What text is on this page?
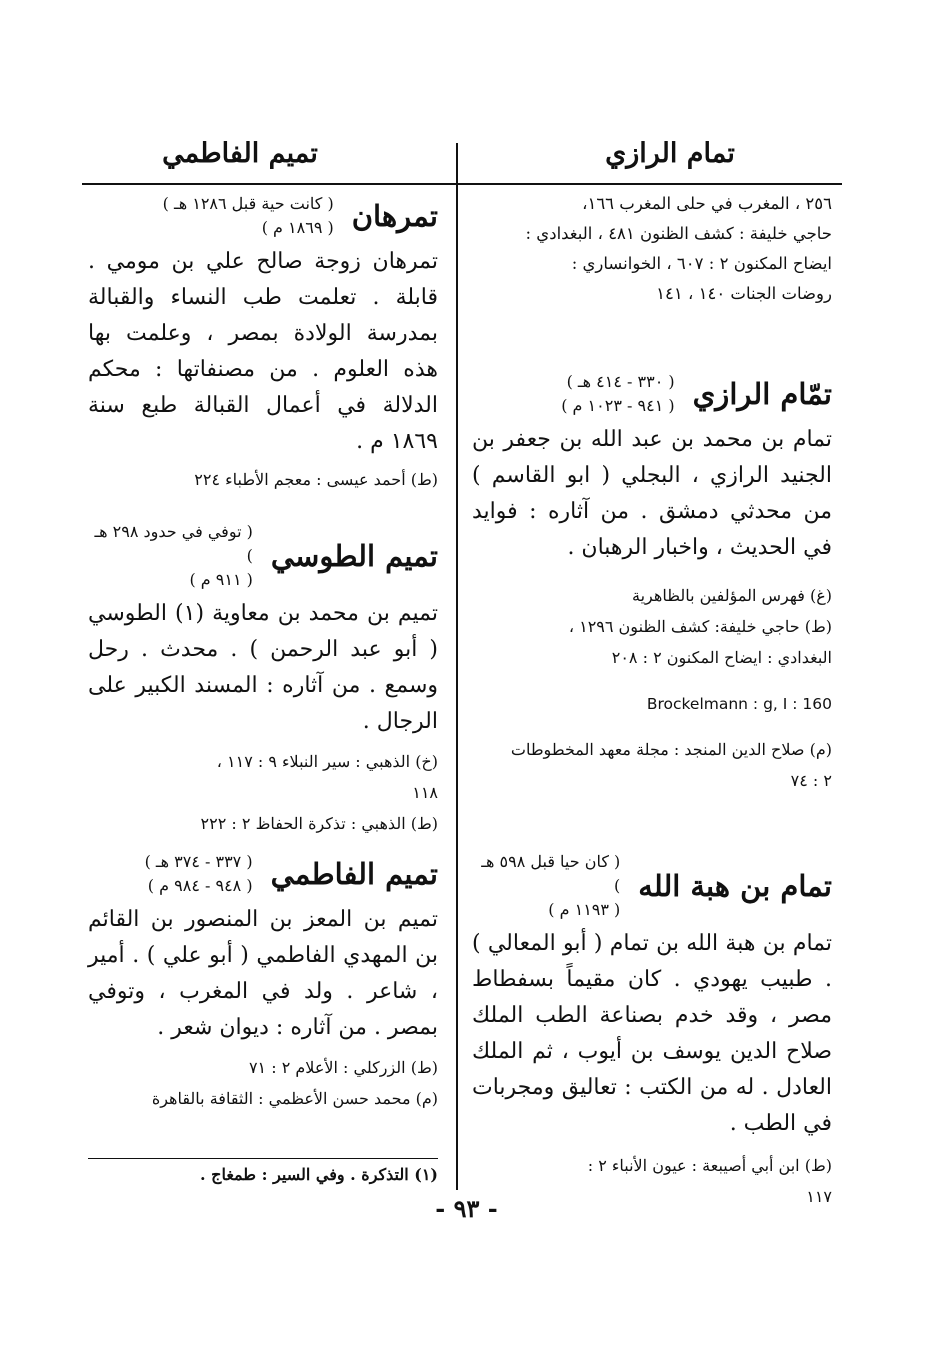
تمام الرازي
تميم الفاطمي

٢٥٦ ، المغرب في حلى المغرب ١٦٦،

حاجي خليفة : كشف الظنون ٤٨١ ، البغدادي :

ايضاح المكنون ٢ : ٦٠٧ ، الخوانساري :

روضات الجنات ١٤٠ ، ١٤١

تمّام الرازي
( ٣٣٠ - ٤١٤ هـ )
( ٩٤١ - ١٠٢٣ م )

تمام بن محمد بن عبد الله بن جعفر بن الجنيد الرازي ، البجلي ( ابو القاسم ) من محدثي دمشق . من آثاره : فوايد في الحديث ، واخبار الرهبان .

(غ) فهرس المؤلفين بالظاهرية

(ط) حاجي خليفة: كشف الظنون ١٢٩٦ ،

البغدادي : ايضاح المكنون ٢ : ٢٠٨

Brockelmann : g, I : 160

(م) صلاح الدين المنجد : مجلة معهد المخطوطات

٢ : ٧٤

تمام بن هبة الله
( كان حيا قبل ٥٩٨ هـ )
( ١١٩٣ م )

تمام بن هبة الله بن تمام ( أبو المعالي ) . طبيب يهودي . كان مقيماً بسفطاط مصر ، وقد خدم بصناعة الطب الملك صلاح الدين يوسف بن أيوب ، ثم الملك العادل . له من الكتب : تعاليق ومجربات في الطب .

(ط) ابن أبي أصيبعة : عيون الأنباء ٢ :

١١٧

تمرهان
( كانت حية قبل ١٢٨٦ هـ )
( ١٨٦٩ م )

تمرهان زوجة صالح علي بن مومي . قابلة . تعلمت طب النساء والقبالة بمدرسة الولادة بمصر ، وعلمت بها هذه العلوم . من مصنفاتها : محكم الدلالة في أعمال القبالة طبع سنة ١٨٦٩ م .

(ط) أحمد عيسى : معجم الأطباء ٢٢٤

تميم الطوسي
( توفي في حدود ٢٩٨ هـ )
( ٩١١ م )

تميم بن محمد بن معاوية (١) الطوسي ( أبو عبد الرحمن ) . محدث . رحل وسمع . من آثاره : المسند الكبير على الرجال .

(خ) الذهبي : سير النبلاء ٩ : ١١٧ ،

١١٨

(ط) الذهبي : تذكرة الحفاظ ٢ : ٢٢٢

تميم الفاطمي
( ٣٣٧ - ٣٧٤ هـ )
( ٩٤٨ - ٩٨٤ م )

تميم بن المعز بن المنصور بن القائم بن المهدي الفاطمي ( أبو علي ) . أمير ، شاعر . ولد في المغرب ، وتوفي بمصر . من آثاره : ديوان شعر .

(ط) الزركلي : الأعلام ٢ : ٧١

(م) محمد حسن الأعظمي : الثقافة بالقاهرة

(١) التذكرة . وفي السير : طمغاج .
- ٩٣ -
